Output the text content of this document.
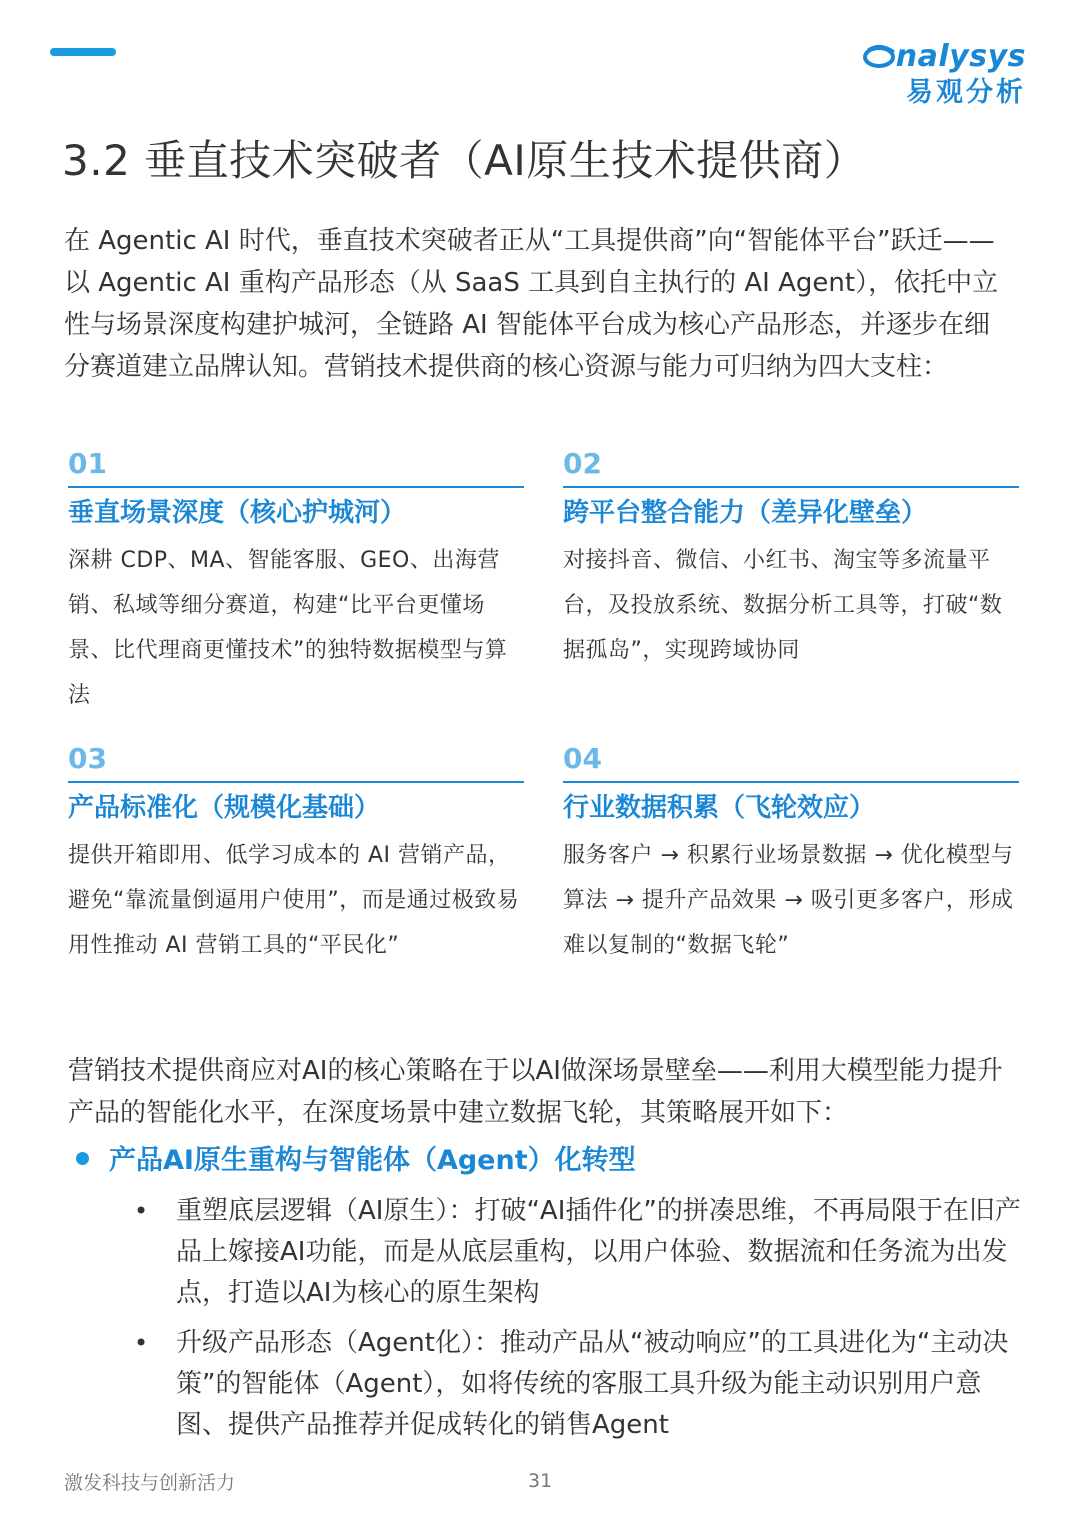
nalysys
易观分析
3.2 垂直技术突破者（AI原生技术提供商）

在 Agentic AI 时代，垂直技术突破者正从“工具提供商”向“智能体平台”跃迁——以 Agentic AI 重构产品形态（从 SaaS 工具到自主执行的 AI Agent），依托中立性与场景深度构建护城河，全链路 AI 智能体平台成为核心产品形态，并逐步在细分赛道建立品牌认知。营销技术提供商的核心资源与能力可归纳为四大支柱：

01
垂直场景深度（核心护城河）
深耕 CDP、MA、智能客服、GEO、出海营销、私域等细分赛道，构建“比平台更懂场景、比代理商更懂技术”的独特数据模型与算法
02
跨平台整合能力（差异化壁垒）
对接抖音、微信、小红书、淘宝等多流量平台，及投放系统、数据分析工具等，打破“数据孤岛”，实现跨域协同
03
产品标准化（规模化基础）
提供开箱即用、低学习成本的 AI 营销产品，避免“靠流量倒逼用户使用”，而是通过极致易用性推动 AI 营销工具的“平民化”
04
行业数据积累（飞轮效应）
服务客户 → 积累行业场景数据 → 优化模型与算法 → 提升产品效果 → 吸引更多客户，形成难以复制的“数据飞轮”

营销技术提供商应对AI的核心策略在于以AI做深场景壁垒——利用大模型能力提升产品的智能化水平，在深度场景中建立数据飞轮，其策略展开如下：

产品AI原生重构与智能体（Agent）化转型
• 重塑底层逻辑（AI原生）：打破“AI插件化”的拼凑思维，不再局限于在旧产品上嫁接AI功能，而是从底层重构，以用户体验、数据流和任务流为出发点，打造以AI为核心的原生架构

• 升级产品形态（Agent化）：推动产品从“被动响应”的工具进化为“主动决策”的智能体（Agent），如将传统的客服工具升级为能主动识别用户意图、提供产品推荐并促成转化的销售Agent

激发科技与创新活力	31
